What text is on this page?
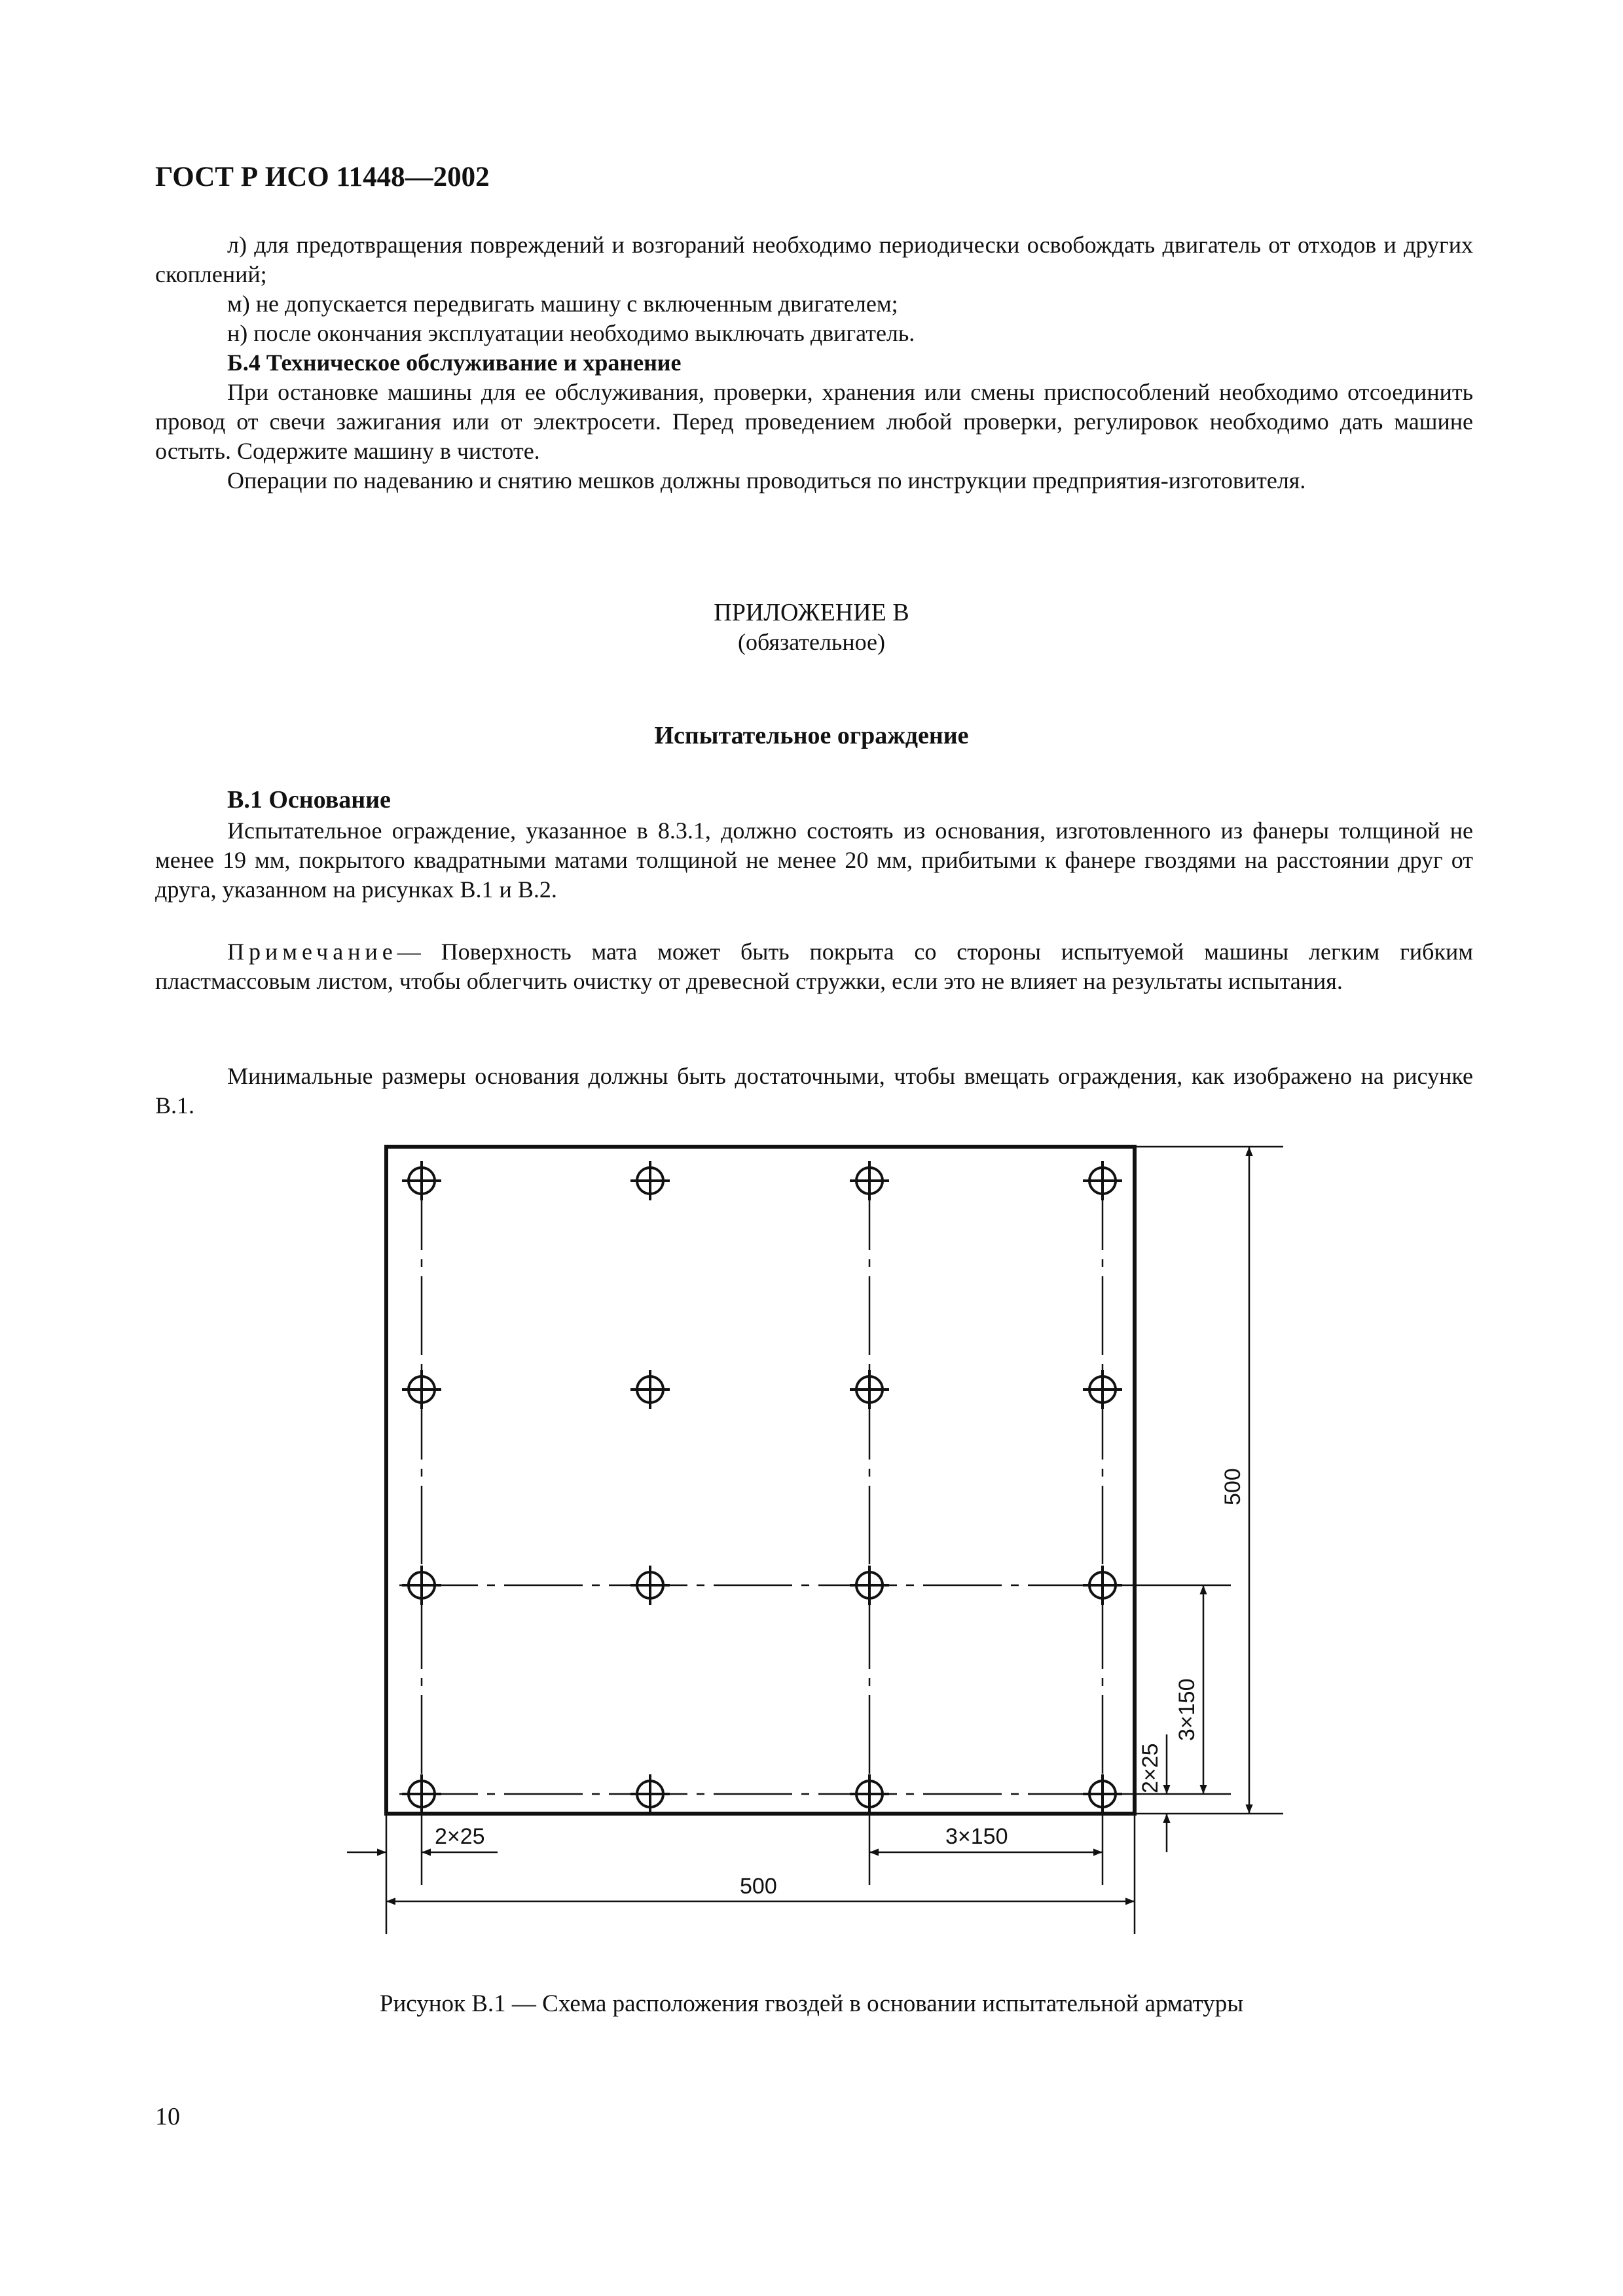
ГОСТ Р ИСО 11448—2002
л) для предотвращения повреждений и возгораний необходимо периодически освобождать двигатель от отходов и других скоплений;
м) не допускается передвигать машину с включенным двигателем;
н) после окончания эксплуатации необходимо выключать двигатель.
Б.4 Техническое обслуживание и хранение
При остановке машины для ее обслуживания, проверки, хранения или смены приспособлений необходимо отсоединить провод от свечи зажигания или от электросети. Перед проведением любой проверки, регулировок необходимо дать машине остыть. Содержите машину в чистоте.
Операции по надеванию и снятию мешков должны проводиться по инструкции предприятия-изготовителя.
ПРИЛОЖЕНИЕ В
(обязательное)
Испытательное ограждение
В.1 Основание
Испытательное ограждение, указанное в 8.3.1, должно состоять из основания, изготовленного из фанеры толщиной не менее 19 мм, покрытого квадратными матами толщиной не менее 20 мм, прибитыми к фанере гвоздями на расстоянии друг от друга, указанном на рисунках В.1 и В.2.
Примечание— Поверхность мата может быть покрыта со стороны испытуемой машины легким гибким пластмассовым листом, чтобы облегчить очистку от древесной стружки, если это не влияет на результаты испытания.
Минимальные размеры основания должны быть достаточными, чтобы вмещать ограждения, как изображено на рисунке В.1.
2×25	3×150
500
500
3×150
2×25
Рисунок В.1 — Схема расположения гвоздей в основании испытательной арматуры
10
